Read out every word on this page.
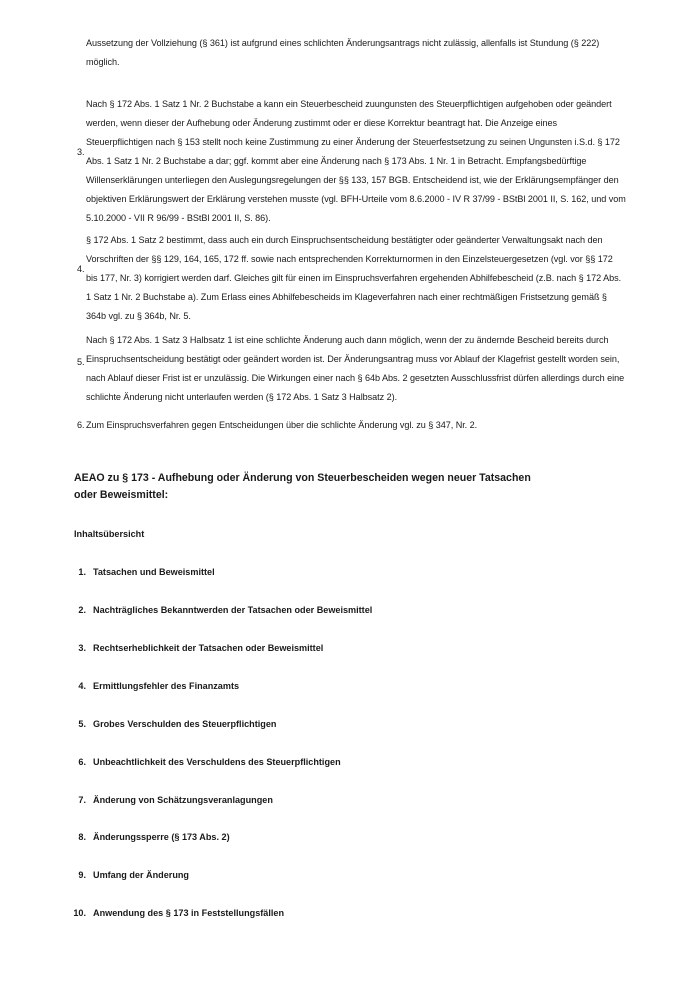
Aussetzung der Vollziehung (§ 361) ist aufgrund eines schlichten Änderungsantrags nicht zulässig, allenfalls ist Stundung (§ 222) möglich.

3.

Nach § 172 Abs. 1 Satz 1 Nr. 2 Buchstabe a kann ein Steuerbescheid zuungunsten des Steuerpflichtigen aufgehoben oder geändert werden, wenn dieser der Aufhebung oder Änderung zustimmt oder er diese Korrektur beantragt hat. Die Anzeige eines Steuerpflichtigen nach § 153 stellt noch keine Zustimmung zu einer Änderung der Steuerfestsetzung zu seinen Ungunsten i.S.d. § 172 Abs. 1 Satz 1 Nr. 2 Buchstabe a dar; ggf. kommt aber eine Änderung nach § 173 Abs. 1 Nr. 1 in Betracht. Empfangsbedürftige Willenserklärungen unterliegen den Auslegungsregelungen der §§ 133, 157 BGB. Entscheidend ist, wie der Erklärungsempfänger den objektiven Erklärungswert der Erklärung verstehen musste (vgl. BFH-Urteile vom 8.6.2000 - IV R 37/99 - BStBl 2001 II, S. 162, und vom 5.10.2000 - VII R 96/99 - BStBl 2001 II, S. 86).

4.

§ 172 Abs. 1 Satz 2 bestimmt, dass auch ein durch Einspruchsentscheidung bestätigter oder geänderter Verwaltungsakt nach den Vorschriften der §§ 129, 164, 165, 172 ff. sowie nach entsprechenden Korrekturnormen in den Einzelsteuergesetzen (vgl. vor §§ 172 bis 177, Nr. 3) korrigiert werden darf. Gleiches gilt für einen im Einspruchsverfahren ergehenden Abhilfebescheid (z.B. nach § 172 Abs. 1 Satz 1 Nr. 2 Buchstabe a). Zum Erlass eines Abhilfebescheids im Klageverfahren nach einer rechtmäßigen Fristsetzung gemäß § 364b vgl. zu § 364b, Nr. 5.

5.

Nach § 172 Abs. 1 Satz 3 Halbsatz 1 ist eine schlichte Änderung auch dann möglich, wenn der zu ändernde Bescheid bereits durch Einspruchsentscheidung bestätigt oder geändert worden ist. Der Änderungsantrag muss vor Ablauf der Klagefrist gestellt worden sein, nach Ablauf dieser Frist ist er unzulässig. Die Wirkungen einer nach § 64b Abs. 2 gesetzten Ausschlussfrist dürfen allerdings durch eine schlichte Änderung nicht unterlaufen werden (§ 172 Abs. 1 Satz 3 Halbsatz 2).

6. Zum Einspruchsverfahren gegen Entscheidungen über die schlichte Änderung vgl. zu § 347, Nr. 2.

AEAO zu § 173 - Aufhebung oder Änderung von Steuerbescheiden wegen neuer Tatsachen oder Beweismittel:
Inhaltsübersicht
1. Tatsachen und Beweismittel
2. Nachträgliches Bekanntwerden der Tatsachen oder Beweismittel
3. Rechtserheblichkeit der Tatsachen oder Beweismittel
4. Ermittlungsfehler des Finanzamts
5. Grobes Verschulden des Steuerpflichtigen
6. Unbeachtlichkeit des Verschuldens des Steuerpflichtigen
7. Änderung von Schätzungsveranlagungen
8. Änderungssperre (§ 173 Abs. 2)
9. Umfang der Änderung
10. Anwendung des § 173 in Feststellungsfällen
